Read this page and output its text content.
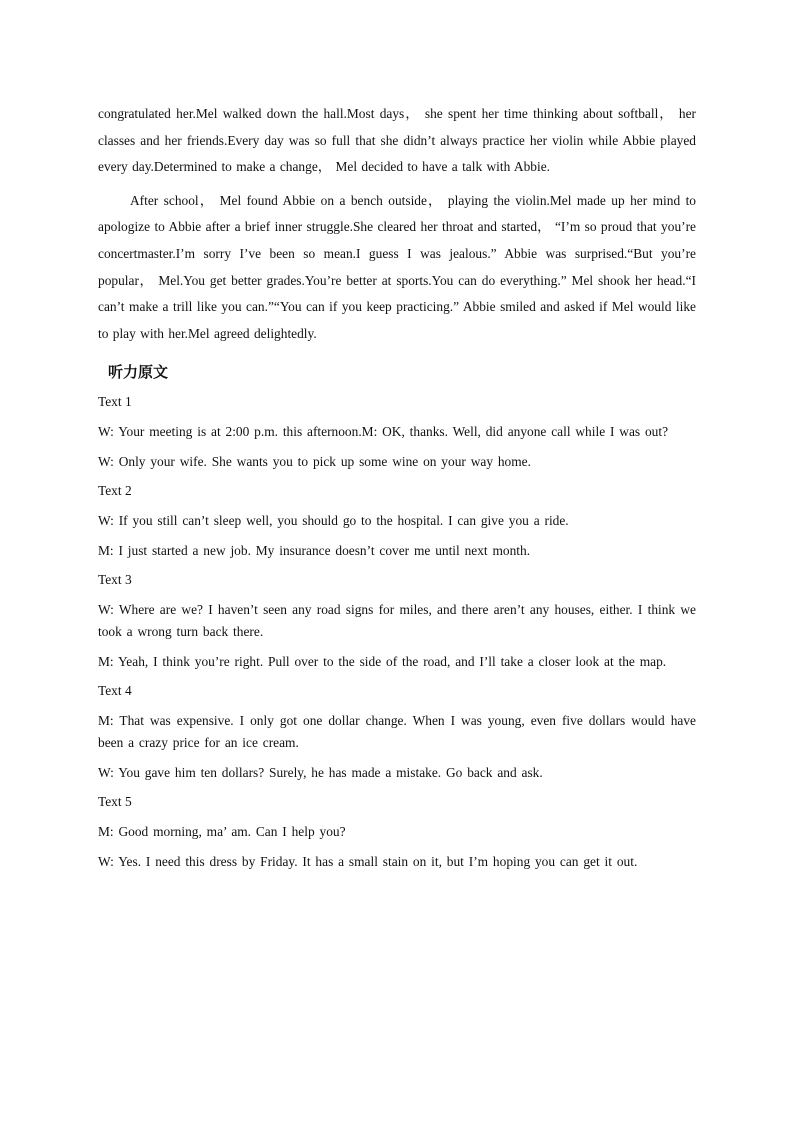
congratulated her.Mel walked down the hall.Most days， she spent her time thinking about softball， her classes and her friends.Every day was so full that she didn’t always practice her violin while Abbie played every day.Determined to make a change， Mel decided to have a talk with Abbie.

After school， Mel found Abbie on a bench outside， playing the violin.Mel made up her mind to apologize to Abbie after a brief inner struggle.She cleared her throat and started， “I’m so proud that you’re concertmaster.I’m sorry I’ve been so mean.I guess I was jealous.” Abbie was surprised.“But you’re popular， Mel.You get better grades.You’re better at sports.You can do everything.” Mel shook her head.“I can’t make a trill like you can.”“You can if you keep practicing.” Abbie smiled and asked if Mel would like to play with her.Mel agreed delightedly.

听力原文

Text 1

W: Your meeting is at 2:00 p.m. this afternoon.M: OK, thanks. Well, did anyone call while I was out?

W: Only your wife. She wants you to pick up some wine on your way home.

Text 2

W: If you still can’t sleep well, you should go to the hospital. I can give you a ride.

M: I just started a new job. My insurance doesn’t cover me until next month.

Text 3

W: Where are we? I haven’t seen any road signs for miles, and there aren’t any houses, either. I think we took a wrong turn back there.

M: Yeah, I think you’re right. Pull over to the side of the road, and I’ll take a closer look at the map.

Text 4

M: That was expensive. I only got one dollar change. When I was young, even five dollars would have been a crazy price for an ice cream.

W: You gave him ten dollars? Surely, he has made a mistake. Go back and ask.

Text 5

M: Good morning, ma’ am. Can I help you?

W: Yes. I need this dress by Friday. It has a small stain on it, but I’m hoping you can get it out.
